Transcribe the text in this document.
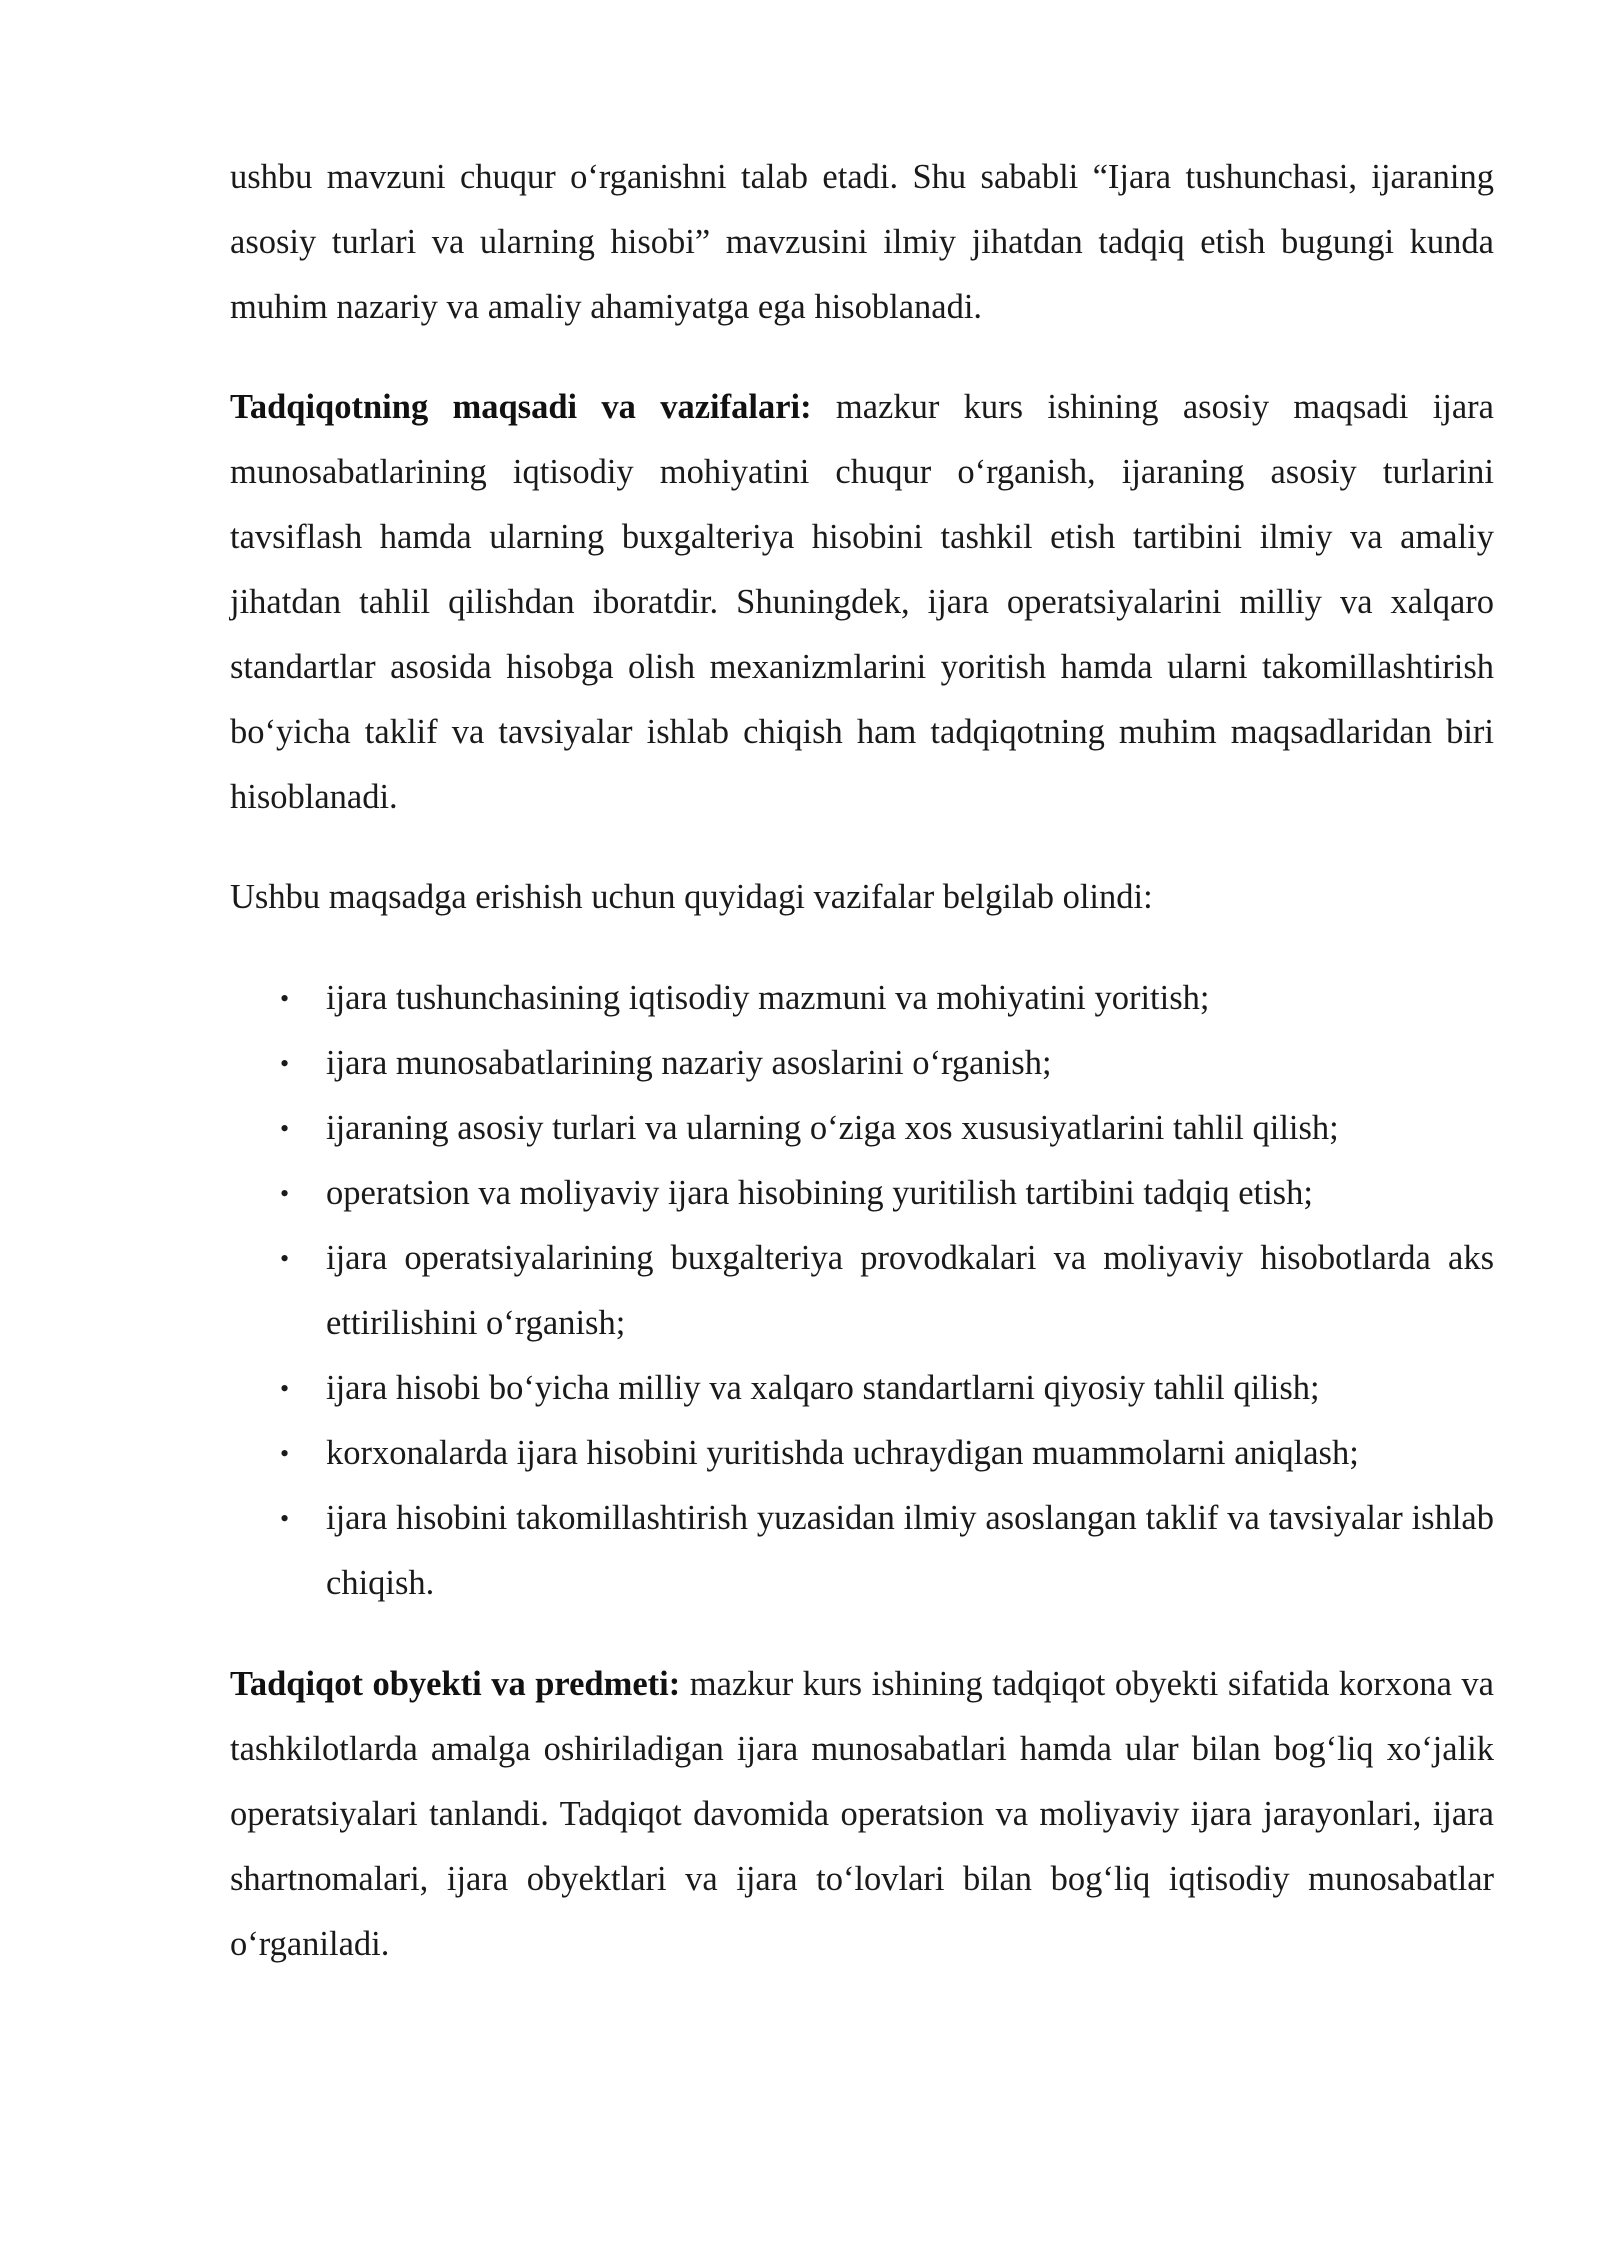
ushbu mavzuni chuqur o‘rganishni talab etadi. Shu sababli “Ijara tushunchasi, ijaraning asosiy turlari va ularning hisobi” mavzusini ilmiy jihatdan tadqiq etish bugungi kunda muhim nazariy va amaliy ahamiyatga ega hisoblanadi.

Tadqiqotning maqsadi va vazifalari: mazkur kurs ishining asosiy maqsadi ijara munosabatlarining iqtisodiy mohiyatini chuqur o‘rganish, ijaraning asosiy turlarini tavsiflash hamda ularning buxgalteriya hisobini tashkil etish tartibini ilmiy va amaliy jihatdan tahlil qilishdan iboratdir. Shuningdek, ijara operatsiyalarini milliy va xalqaro standartlar asosida hisobga olish mexanizmlarini yoritish hamda ularni takomillashtirish bo‘yicha taklif va tavsiyalar ishlab chiqish ham tadqiqotning muhim maqsadlaridan biri hisoblanadi.

Ushbu maqsadga erishish uchun quyidagi vazifalar belgilab olindi:

• ijara tushunchasining iqtisodiy mazmuni va mohiyatini yoritish;
• ijara munosabatlarining nazariy asoslarini o‘rganish;
• ijaraning asosiy turlari va ularning o‘ziga xos xususiyatlarini tahlil qilish;
• operatsion va moliyaviy ijara hisobining yuritilish tartibini tadqiq etish;
• ijara operatsiyalarining buxgalteriya provodkalari va moliyaviy hisobotlarda aks ettirilishini o‘rganish;
• ijara hisobi bo‘yicha milliy va xalqaro standartlarni qiyosiy tahlil qilish;
• korxonalarda ijara hisobini yuritishda uchraydigan muammolarni aniqlash;
• ijara hisobini takomillashtirish yuzasidan ilmiy asoslangan taklif va tavsiyalar ishlab chiqish.

Tadqiqot obyekti va predmeti: mazkur kurs ishining tadqiqot obyekti sifatida korxona va tashkilotlarda amalga oshiriladigan ijara munosabatlari hamda ular bilan bog‘liq xo‘jalik operatsiyalari tanlandi. Tadqiqot davomida operatsion va moliyaviy ijara jarayonlari, ijara shartnomalari, ijara obyektlari va ijara to‘lovlari bilan bog‘liq iqtisodiy munosabatlar o‘rganiladi.
